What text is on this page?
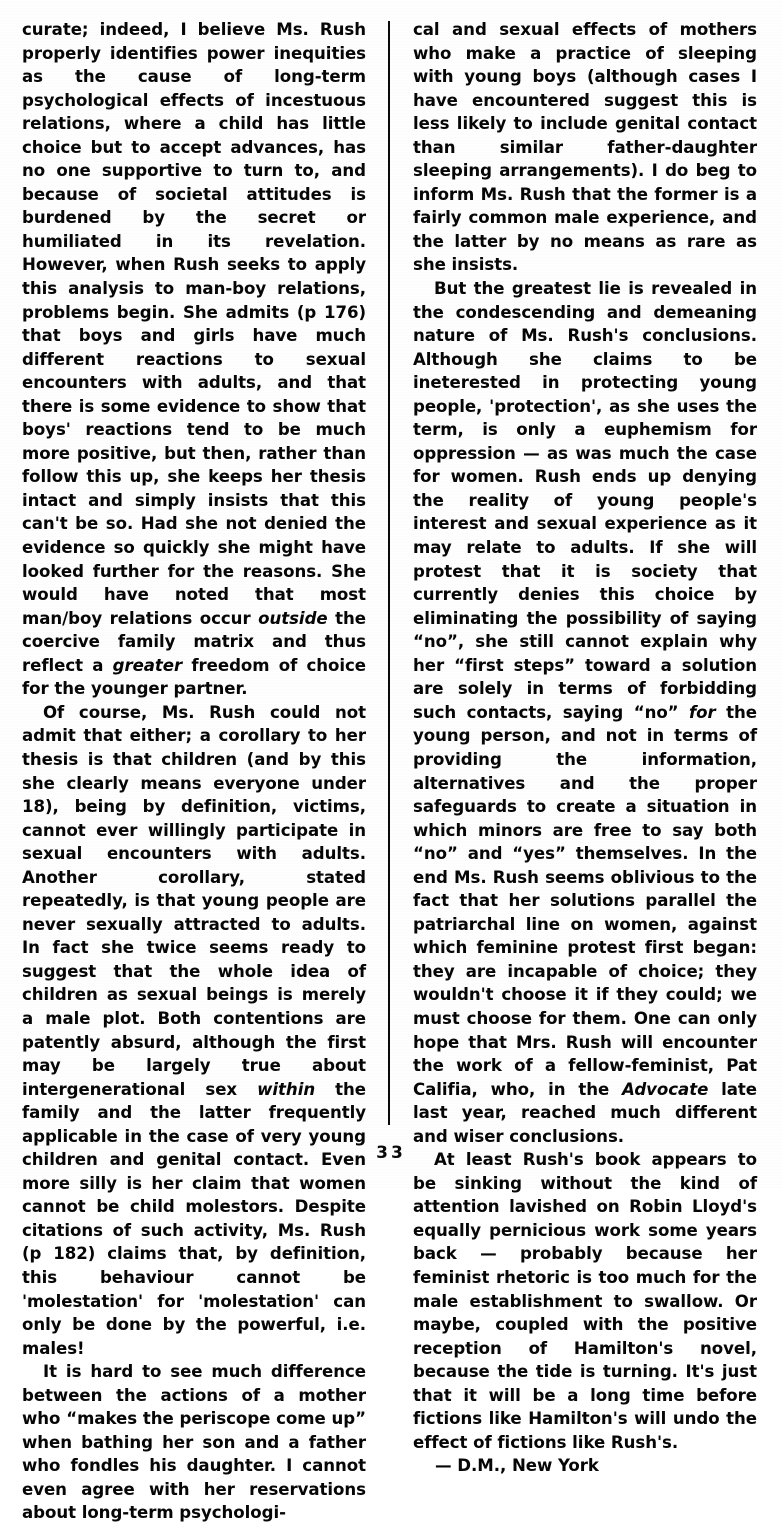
curate; indeed, I believe Ms. Rush properly identifies power inequities as the cause of long-term psychological effects of incestuous relations, where a child has little choice but to accept advances, has no one supportive to turn to, and because of societal attitudes is burdened by the secret or humiliated in its revelation. However, when Rush seeks to apply this analysis to man-boy relations, problems begin. She admits (p 176) that boys and girls have much different reactions to sexual encounters with adults, and that there is some evidence to show that boys' reactions tend to be much more positive, but then, rather than follow this up, she keeps her thesis intact and simply insists that this can't be so. Had she not denied the evidence so quickly she might have looked further for the reasons. She would have noted that most man/boy relations occur outside the coercive family matrix and thus reflect a greater freedom of choice for the younger partner.

Of course, Ms. Rush could not admit that either; a corollary to her thesis is that children (and by this she clearly means everyone under 18), being by definition, victims, cannot ever willingly participate in sexual encounters with adults. Another corollary, stated repeatedly, is that young people are never sexually attracted to adults. In fact she twice seems ready to suggest that the whole idea of children as sexual beings is merely a male plot. Both contentions are patently absurd, although the first may be largely true about intergenerational sex within the family and the latter frequently applicable in the case of very young children and genital contact. Even more silly is her claim that women cannot be child molestors. Despite citations of such activity, Ms. Rush (p 182) claims that, by definition, this behaviour cannot be 'molestation' for 'molestation' can only be done by the powerful, i.e. males!

It is hard to see much difference between the actions of a mother who “makes the periscope come up” when bathing her son and a father who fondles his daughter. I cannot even agree with her reservations about long-term psychologi-

cal and sexual effects of mothers who make a practice of sleeping with young boys (although cases I have encountered suggest this is less likely to include genital contact than similar father-daughter sleeping arrangements). I do beg to inform Ms. Rush that the former is a fairly common male experience, and the latter by no means as rare as she insists.

But the greatest lie is revealed in the condescending and demeaning nature of Ms. Rush's conclusions. Although she claims to be ineterested in protecting young people, 'protection', as she uses the term, is only a euphemism for oppression — as was much the case for women. Rush ends up denying the reality of young people's interest and sexual experience as it may relate to adults. If she will protest that it is society that currently denies this choice by eliminating the possibility of saying “no”, she still cannot explain why her “first steps” toward a solution are solely in terms of forbidding such contacts, saying “no” for the young person, and not in terms of providing the information, alternatives and the proper safeguards to create a situation in which minors are free to say both “no” and “yes” themselves. In the end Ms. Rush seems oblivious to the fact that her solutions parallel the patriarchal line on women, against which feminine protest first began: they are incapable of choice; they wouldn't choose it if they could; we must choose for them. One can only hope that Mrs. Rush will encounter the work of a fellow-feminist, Pat Califia, who, in the Advocate late last year, reached much different and wiser conclusions.

At least Rush's book appears to be sinking without the kind of attention lavished on Robin Lloyd's equally pernicious work some years back — probably because her feminist rhetoric is too much for the male establishment to swallow. Or maybe, coupled with the positive reception of Hamilton's novel, because the tide is turning. It's just that it will be a long time before fictions like Hamilton's will undo the effect of fictions like Rush's.

— D.M., New York

33
